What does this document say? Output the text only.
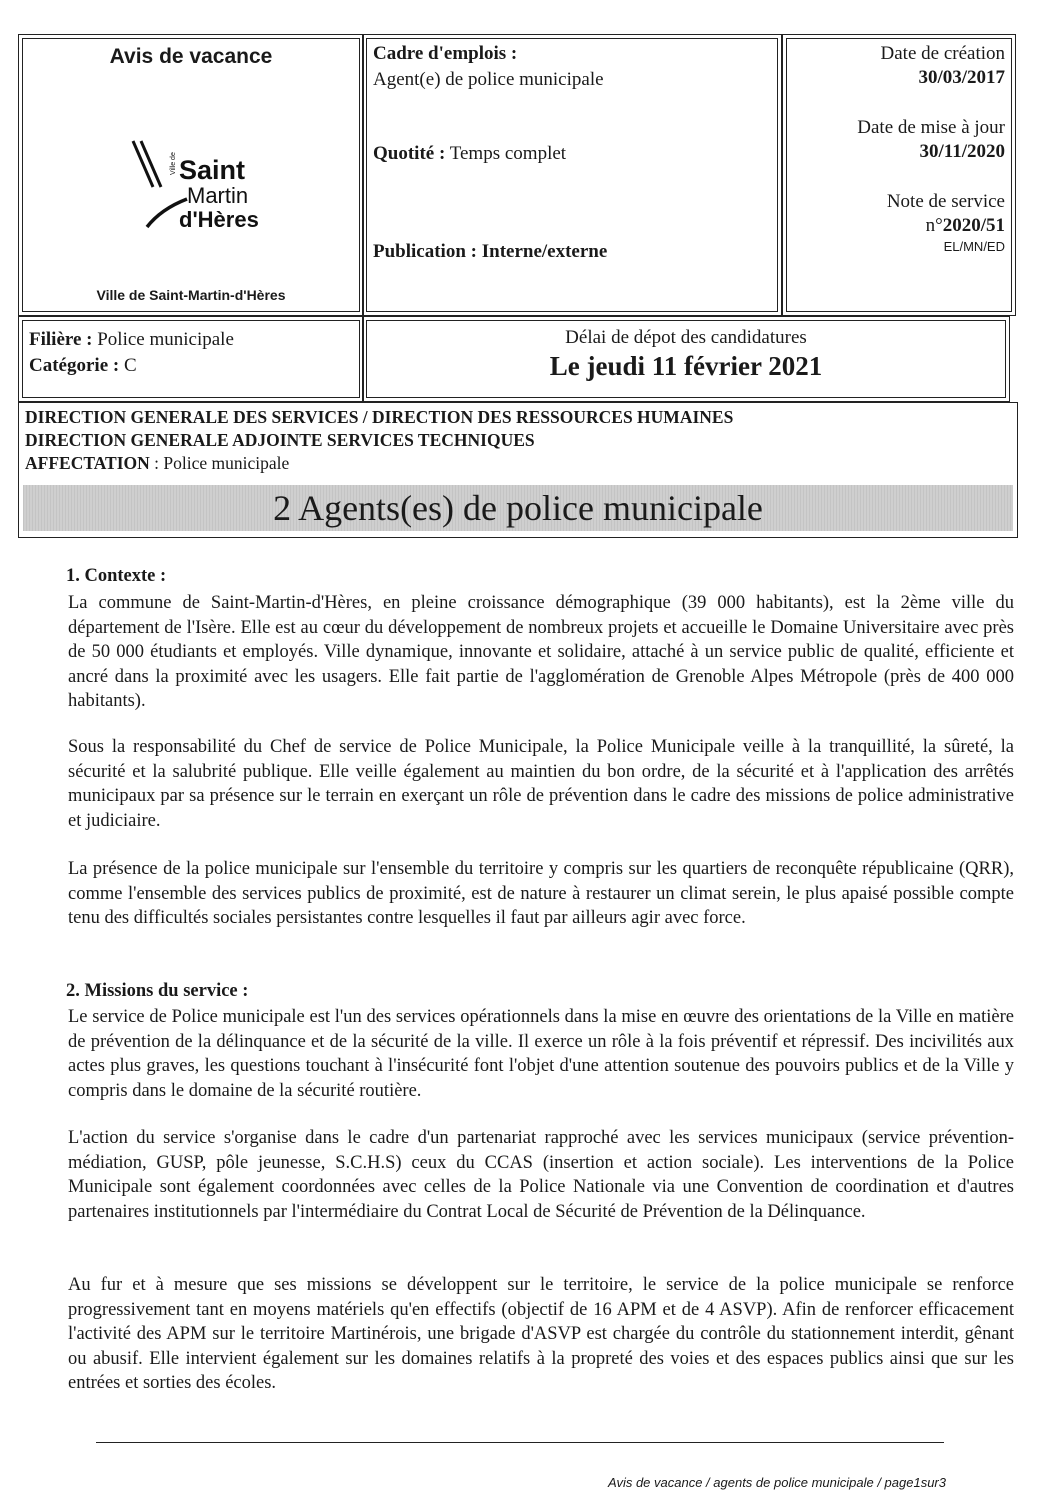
Avis de vacance
Ville de Saint
Martin
d'Hères
Ville de Saint-Martin-d'Hères
Cadre d'emplois :
Agent(e) de police municipale
Quotité : Temps complet
Publication : Interne/externe
Date de création
30/03/2017
Date de mise à jour
30/11/2020
Note de service
n°2020/51
EL/MN/ED
Filière : Police municipale
Catégorie : C
Délai de dépot des candidatures
Le jeudi 11 février 2021
DIRECTION GENERALE DES SERVICES / DIRECTION DES RESSOURCES HUMAINES
DIRECTION GENERALE ADJOINTE SERVICES TECHNIQUES
AFFECTATION : Police municipale
2 Agents(es) de police municipale
1. Contexte :

La commune de Saint-Martin-d'Hères, en pleine croissance démographique (39 000 habitants), est la 2ème ville du département de l'Isère. Elle est au cœur du développement de nombreux projets et accueille le Domaine Universitaire avec près de 50 000 étudiants et employés. Ville dynamique, innovante et solidaire, attaché à un service public de qualité, efficiente et ancré dans la proximité avec les usagers. Elle fait partie de l'agglomération de Grenoble Alpes Métropole (près de 400 000 habitants).

Sous la responsabilité du Chef de service de Police Municipale, la Police Municipale veille à la tranquillité, la sûreté, la sécurité et la salubrité publique. Elle veille également au maintien du bon ordre, de la sécurité et à l'application des arrêtés municipaux par sa présence sur le terrain en exerçant un rôle de prévention dans le cadre des missions de police administrative et judiciaire.

La présence de la police municipale sur l'ensemble du territoire y compris sur les quartiers de reconquête républicaine (QRR), comme l'ensemble des services publics de proximité, est de nature à restaurer un climat serein, le plus apaisé possible compte tenu des difficultés sociales persistantes contre lesquelles il faut par ailleurs agir avec force.

2. Missions du service :

Le service de Police municipale est l'un des services opérationnels dans la mise en œuvre des orientations de la Ville en matière de prévention de la délinquance et de la sécurité de la ville. Il exerce un rôle à la fois préventif et répressif. Des incivilités aux actes plus graves, les questions touchant à l'insécurité font l'objet d'une attention soutenue des pouvoirs publics et de la Ville y compris dans le domaine de la sécurité routière.

L'action du service s'organise dans le cadre d'un partenariat rapproché avec les services municipaux (service prévention-médiation, GUSP, pôle jeunesse, S.C.H.S) ceux du CCAS (insertion et action sociale). Les interventions de la Police Municipale sont également coordonnées avec celles de la Police Nationale via une Convention de coordination et d'autres partenaires institutionnels par l'intermédiaire du Contrat Local de Sécurité de Prévention de la Délinquance.

Au fur et à mesure que ses missions se développent sur le territoire, le service de la police municipale se renforce progressivement tant en moyens matériels qu'en effectifs (objectif de 16 APM et de 4 ASVP). Afin de renforcer efficacement l'activité des APM sur le territoire Martinérois, une brigade d'ASVP est chargée du contrôle du stationnement interdit, gênant ou abusif. Elle intervient également sur les domaines relatifs à la propreté des voies et des espaces publics ainsi que sur les entrées et sorties des écoles.

Avis de vacance / agents de police municipale / page1sur3
